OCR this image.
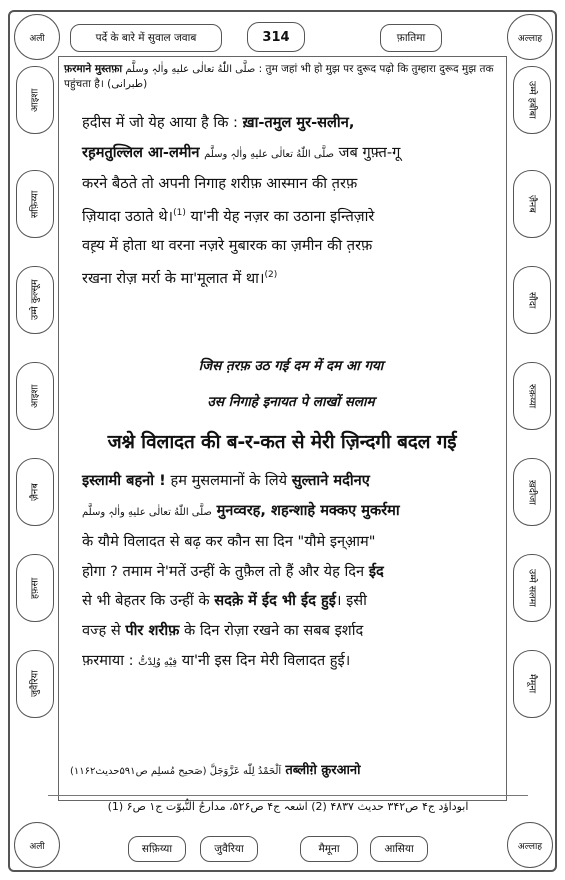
अली	अल्लाह
अली	अल्लाह
पर्दे के बारे में सुवाल जवाब	314	फ़ातिमा
आइशा
सफ़िय्या
उम्मे कुल्सूम
आइशा
ज़ैनब
हफ़सा
जुवैरिया
उम्मे हबीबा
ज़ैनब
सौदा
रुक़य्या
ख़दीजा
उम्मे सलमा
मैमूना
फ़रमाने मुस्तफ़ा صلَّى اللّٰهُ تعالٰی علیهِ واٰلہٖ وسلَّم : तुम जहां भी हो मुझ पर दुरूद पढ़ो कि तुम्हारा दुरूद मुझ तक पहुंचता है। (طبرانی)
हदीस में जो येह आया है कि : ख़ा-तमुल मुर-सलीन,
रह़मतुल्लिल आ-लमीन صلَّی اللّٰهُ تعالٰی علیهِ واٰلہٖ وسلَّم जब गुफ़्त-गू
करने बैठते तो अपनी निगाह शरीफ़ आस्मान की त़रफ़
ज़ियादा उठाते थे।$^{(1)}$ या'नी येह नज़र का उठाना इन्तिज़ारे
वह़्य में होता था वरना नज़रे मुबारक का ज़मीन की त़रफ़
रखना रोज़ मर्रा के मा'मूलात में था।$^{(2)}$
जिस त़रफ़ उठ गई दम में दम आ गया
उस निगाहे इनायत पे लाखों सलाम
जश्ने विलादत की ब-र-कत से मेरी ज़िन्दगी बदल गई
इस्लामी बहनो ! हम मुसलमानों के लिये सुल्ताने मदीनए
صلَّی اللّٰهُ تعالٰی علیهِ واٰلہٖ وسلَّم मुनव्वरह, शहन्शाहे मक्कए मुकर्रमा
के यौमे विलादत से बढ़ कर कौन सा दिन "यौमे इन्आ़म"
होगा ? तमाम ने'मतें उन्हीं के तुफ़ैल तो हैं और येह दिन ईद
से भी बेहतर कि उन्हीं के सदक़े में ईद भी ईद हुई। इसी
वज्ह से पीर शरीफ़ के दिन रोज़ा रखने का सबब इर्शाद
फ़रमाया : فِیْهِ وُلِدْتُّ या'नी इस दिन मेरी विलादत हुई।
اَلْحَمْدُ لِلّٰه عَزَّوَجَلَّ (صَحیح مُسلِم ص۵۹۱حدیث۱۱۶۲) तब्लीग़े क़ुरआनो
(1) ابوداؤد ج۴ ص۳۴۲ حدیث ۴۸۳۷ (2) اشعہ ج۴ ص۵۲۶، مدارجُ النُّبوّت ج۱ ص۶
सफ़िय्या	जुवैरिया	मैमूना	आसिया
